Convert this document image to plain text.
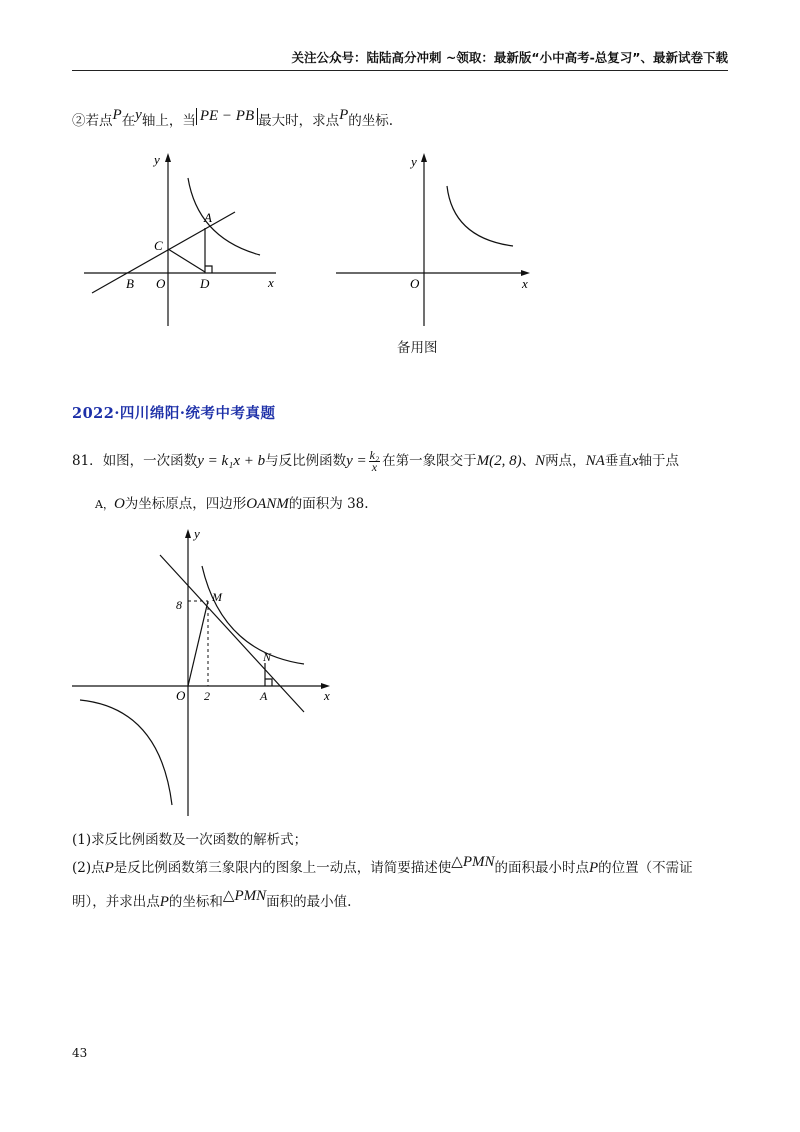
关注公众号：陆陆高分冲刺 ~领取：最新版“小中高考-总复习”、最新试卷下载
②若点P在y轴上，当 PE − PB 最大时，求点P的坐标.
y
x
A
C
B O	D
y
x
O
备用图
2022·四川绵阳·统考中考真题
81．如图，一次函数y = k₁x + b与反比例函数$y = \frac{\text{k₂}}{x}$ 在第一象限交于M(2, 8)、N两点，NA垂直x轴于点
A，O为坐标原点，四边形OANM的面积为 38.
y
x
M
N
O	A
8
2
(1)求反比例函数及一次函数的解析式；
(2)点P是反比例函数第三象限内的图象上一动点，请简要描述使△PMN的面积最小时点P的位置（不需证
明），并求出点P的坐标和△PMN面积的最小值.
43
